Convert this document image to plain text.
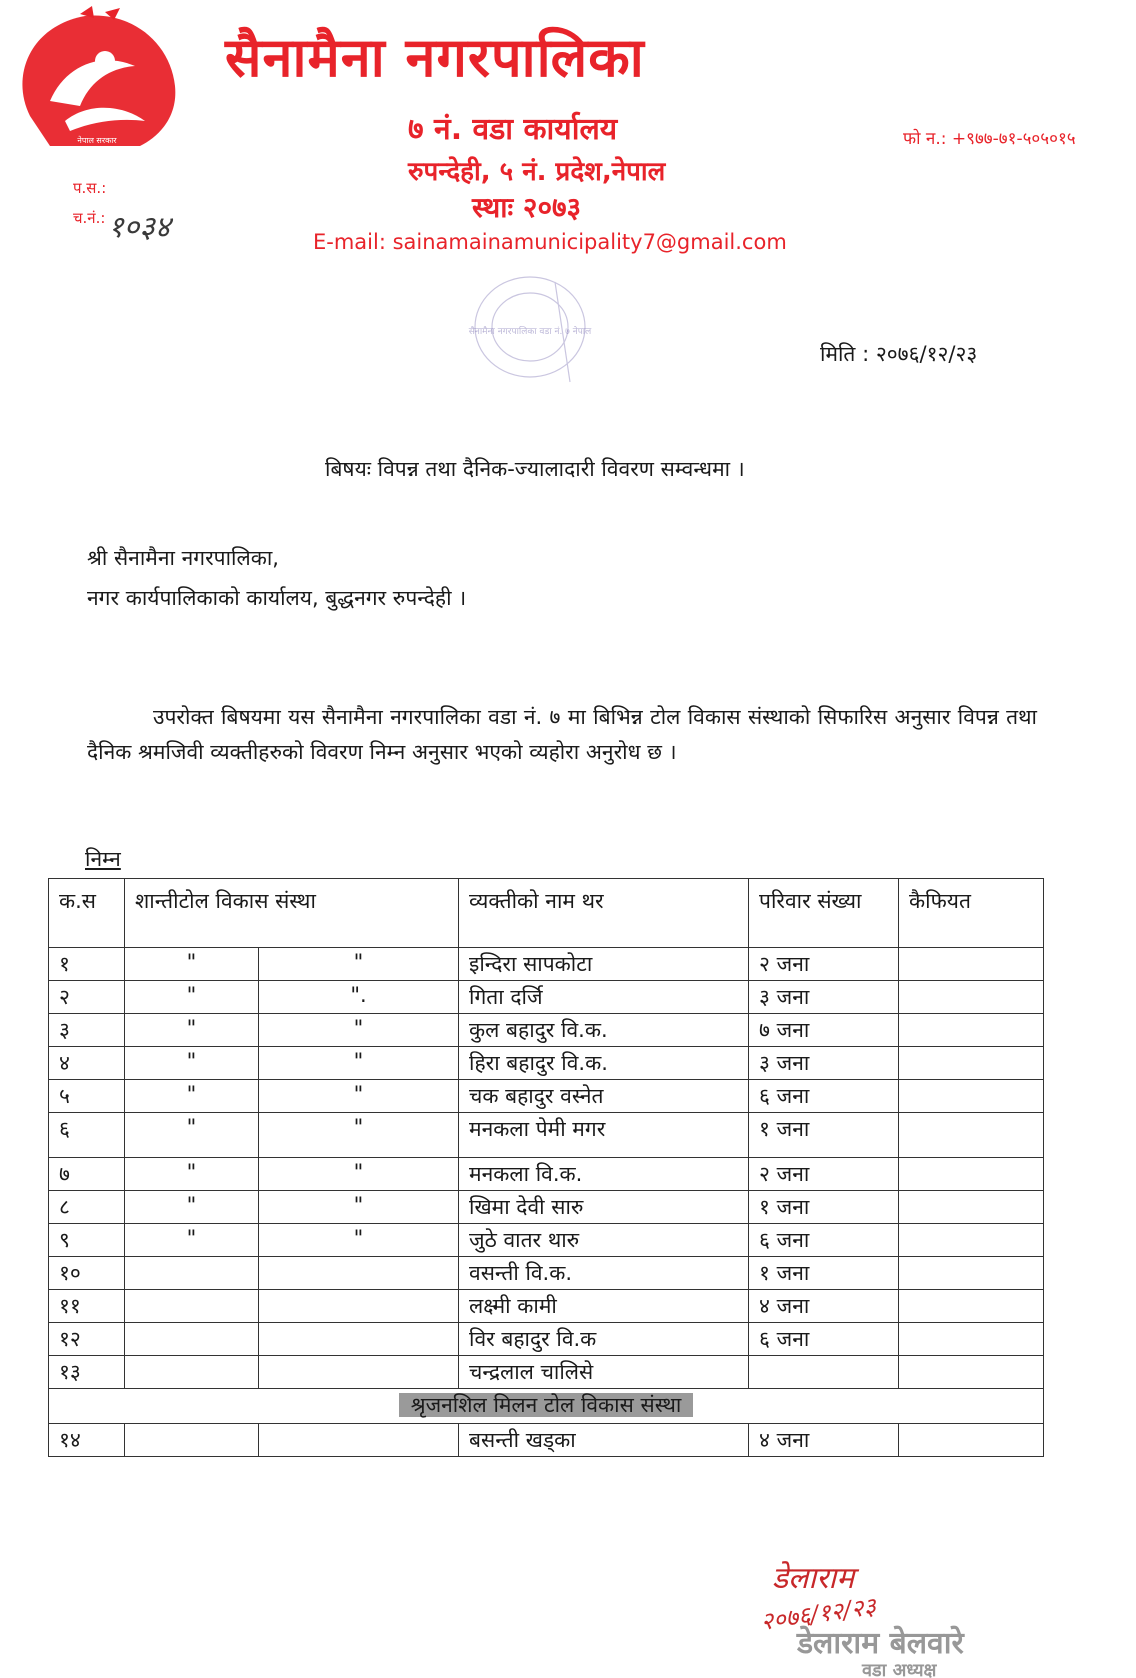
नेपाल सरकार
सैनामैना नगरपालिका
७ नं. वडा कार्यालय
रुपन्देही, ५ नं. प्रदेश,नेपाल
स्थाः २०७३
E-mail: sainamainamunicipality7@gmail.com
फो न.: +९७७-७१-५०५०१५
प.स.:
च.नं.: १०३४
सैनामैना नगरपालिका वडा नं. ७ नेपाल
मिति : २०७६/१२/२३
बिषयः विपन्न तथा दैनिक-ज्यालादारी विवरण सम्वन्धमा ।
श्री सैनामैना नगरपालिका,
नगर कार्यपालिकाको कार्यालय, बुद्धनगर रुपन्देही ।
उपरोक्त बिषयमा यस सैनामैना नगरपालिका वडा नं. ७ मा बिभिन्न टोल विकास संस्थाको सिफारिस अनुसार विपन्न तथा दैनिक श्रमजिवी व्यक्तीहरुको विवरण निम्न अनुसार भएको व्यहोरा अनुरोध छ ।
निम्न
क.स	शान्तीटोल विकास संस्था		व्यक्तीको नाम थर	परिवार संख्या	कैफियत
१	"	"	इन्दिरा सापकोटा	२ जना	
२	"	".	गिता दर्जि	३ जना	
३	"	"	कुल बहादुर वि.क.	७ जना	
४	"	"	हिरा बहादुर वि.क.	३ जना	
५	"	"	चक बहादुर वस्नेत	६ जना	
६	"	"	मनकला पेमी मगर	१ जना	
७	"	"	मनकला वि.क.	२ जना	
८	"	"	खिमा देवी सारु	१ जना	
९	"	"	जुठे वातर थारु	६ जना	
१०			वसन्ती वि.क.	१ जना	
११			लक्ष्मी कामी	४ जना	
१२			विर बहादुर वि.क	६ जना	
१३			चन्द्रलाल चालिसे		
श्रृजनशिल मिलन टोल विकास संस्था					
१४			बसन्ती खड्का	४ जना	
डेलाराम
२०७६/१२/२३
डेलाराम बेलवारे
वडा अध्यक्ष
